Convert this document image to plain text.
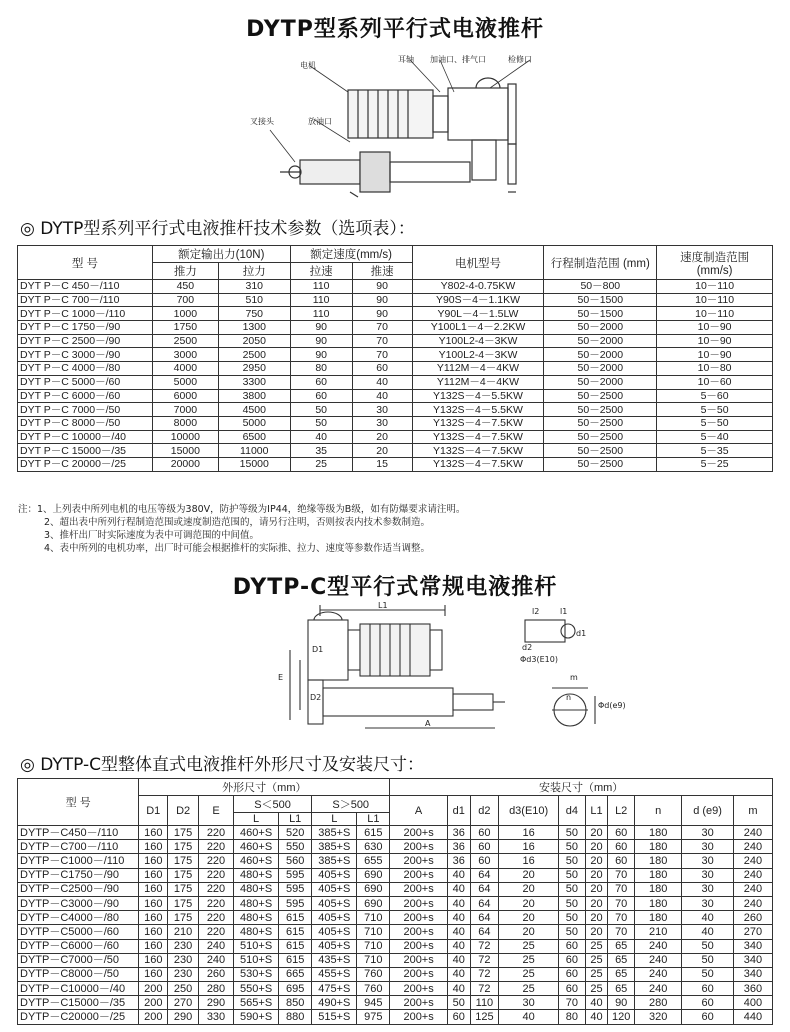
DYTP型系列平行式电液推杆
电机
耳轴 加油口、排气口	检修口
叉接头	放油口
◎ DYTP型系列平行式电液推杆技术参数（选项表）：
型 号	额定输出力(10N)		额定速度(mm/s)		电机型号	行程制造范围 (mm)	速度制造范围 (mm/s)
	推力	拉力	拉速	推速			
DYT P－C 450－/110	450	310	110	90	Y802-4-0.75KW	50－800	10－110
DYT P－C 700－/110	700	510	110	90	Y90S－4－1.1KW	50－1500	10－110
DYT P－C 1000－/110	1000	750	110	90	Y90L－4－1.5LW	50－1500	10－110
DYT P－C 1750－/90	1750	1300	90	70	Y100L1－4－2.2KW	50－2000	10－90
DYT P－C 2500－/90	2500	2050	90	70	Y100L2-4－3KW	50－2000	10－90
DYT P－C 3000－/90	3000	2500	90	70	Y100L2-4－3KW	50－2000	10－90
DYT P－C 4000－/80	4000	2950	80	60	Y112M－4－4KW	50－2000	10－80
DYT P－C 5000－/60	5000	3300	60	40	Y112M－4－4KW	50－2000	10－60
DYT P－C 6000－/60	6000	3800	60	40	Y132S－4－5.5KW	50－2500	5－60
DYT P－C 7000－/50	7000	4500	50	30	Y132S－4－5.5KW	50－2500	5－50
DYT P－C 8000－/50	8000	5000	50	30	Y132S－4－7.5KW	50－2500	5－50
DYT P－C 10000－/40	10000	6500	40	20	Y132S－4－7.5KW	50－2500	5－40
DYT P－C 15000－/35	15000	11000	35	20	Y132S－4－7.5KW	50－2500	5－35
DYT P－C 20000－/25	20000	15000	25	15	Y132S－4－7.5KW	50－2500	5－25
注：1、上列表中所列电机的电压等级为380V，防护等级为IP44，绝缘等级为B级，如有防爆要求请注明。
2、超出表中所列行程制造范围或速度制造范围的，请另行注明，否则按表内技术参数制造。
3、推杆出厂时实际速度为表中可调范围的中间值。
4、表中所列的电机功率，出厂时可能会根据推杆的实际推、拉力、速度等参数作适当调整。
DYTP-C型平行式常规电液推杆
L1
D1
E
D2
A
l2	l1
d2
d1
Φd3(E10)
m
n
Φd(e9)
◎ DYTP-C型整体直式电液推杆外形尺寸及安装尺寸：
型 号	外形尺寸（mm）							安装尺寸（mm）									
	D1	D2	E	S＜500		S＞500		A	d1	d2	d3(E10)	d4	L1	L2	n	d (e9)	m
				L	L1	L	L1										
DYTP－C450－/110	160	175	220	460+S	520	385+S	615	200+s	36	60	16	50	20	60	180	30	240
DYTP－C700－/110	160	175	220	460+S	550	385+S	630	200+s	36	60	16	50	20	60	180	30	240
DYTP－C1000－/110	160	175	220	460+S	560	385+S	655	200+s	36	60	16	50	20	60	180	30	240
DYTP－C1750－/90	160	175	220	480+S	595	405+S	690	200+s	40	64	20	50	20	70	180	30	240
DYTP－C2500－/90	160	175	220	480+S	595	405+S	690	200+s	40	64	20	50	20	70	180	30	240
DYTP－C3000－/90	160	175	220	480+S	595	405+S	690	200+s	40	64	20	50	20	70	180	30	240
DYTP－C4000－/80	160	175	220	480+S	615	405+S	710	200+s	40	64	20	50	20	70	180	40	260
DYTP－C5000－/60	160	210	220	480+S	615	405+S	710	200+s	40	64	20	50	20	70	210	40	270
DYTP－C6000－/60	160	230	240	510+S	615	405+S	710	200+s	40	72	25	60	25	65	240	50	340
DYTP－C7000－/50	160	230	240	510+S	615	435+S	710	200+s	40	72	25	60	25	65	240	50	340
DYTP－C8000－/50	160	230	260	530+S	665	455+S	760	200+s	40	72	25	60	25	65	240	50	340
DYTP－C10000－/40	200	250	280	550+S	695	475+S	760	200+s	40	72	25	60	25	65	240	60	360
DYTP－C15000－/35	200	270	290	565+S	850	490+S	945	200+s	50	110	30	70	40	90	280	60	400
DYTP－C20000－/25	200	290	330	590+S	880	515+S	975	200+s	60	125	40	80	40	120	320	60	440
